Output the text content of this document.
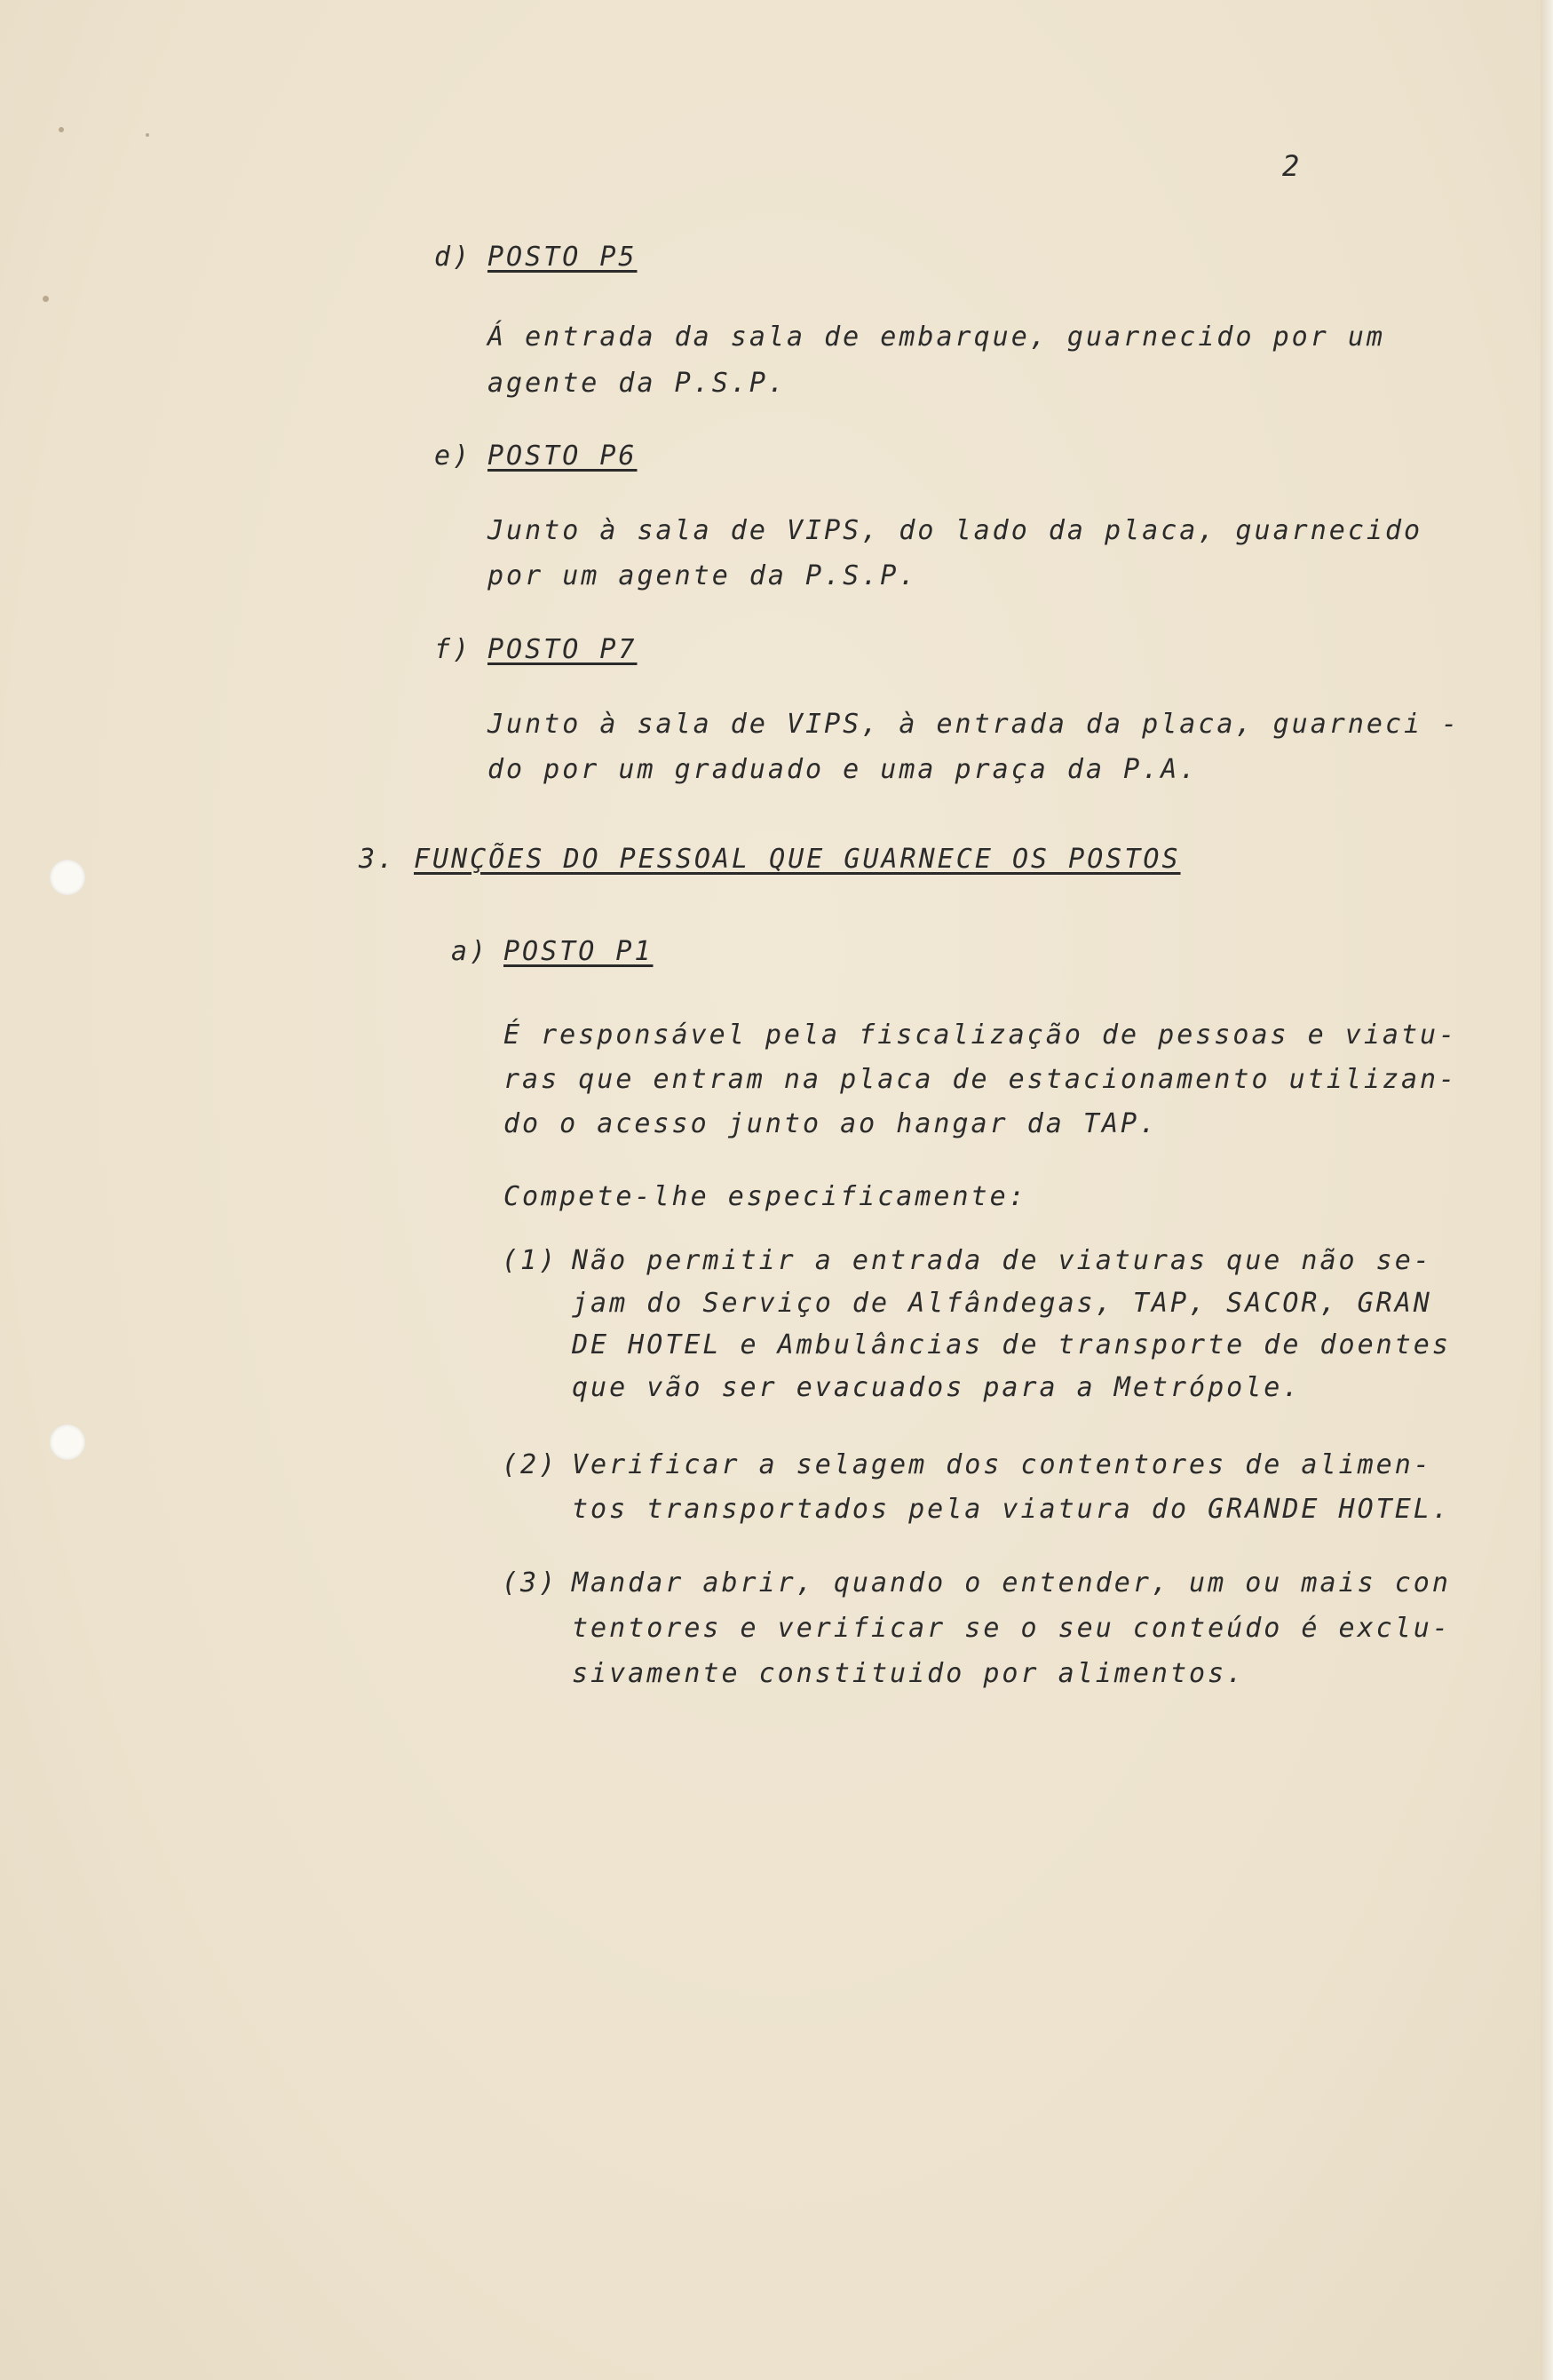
2
d) POSTO P5
Á entrada da sala de embarque, guarnecido por um
agente da P.S.P.
e) POSTO P6
Junto à sala de VIPS, do lado da placa, guarnecido
por um agente da P.S.P.
f) POSTO P7
Junto à sala de VIPS, à entrada da placa, guarneci -
do por um graduado e uma praça da P.A.
3. FUNÇÕES DO PESSOAL QUE GUARNECE OS POSTOS
a) POSTO P1
É responsável pela fiscalização de pessoas e viatu-
ras que entram na placa de estacionamento utilizan-
do o acesso junto ao hangar da TAP.
Compete-lhe especificamente:
(1) Não permitir a entrada de viaturas que não se-
jam do Serviço de Alfândegas, TAP, SACOR, GRAN
DE HOTEL e Ambulâncias de transporte de doentes
que vão ser evacuados para a Metrópole.
(2) Verificar a selagem dos contentores de alimen-
tos transportados pela viatura do GRANDE HOTEL.
(3) Mandar abrir, quando o entender, um ou mais con
tentores e verificar se o seu conteúdo é exclu-
sivamente constituido por alimentos.
